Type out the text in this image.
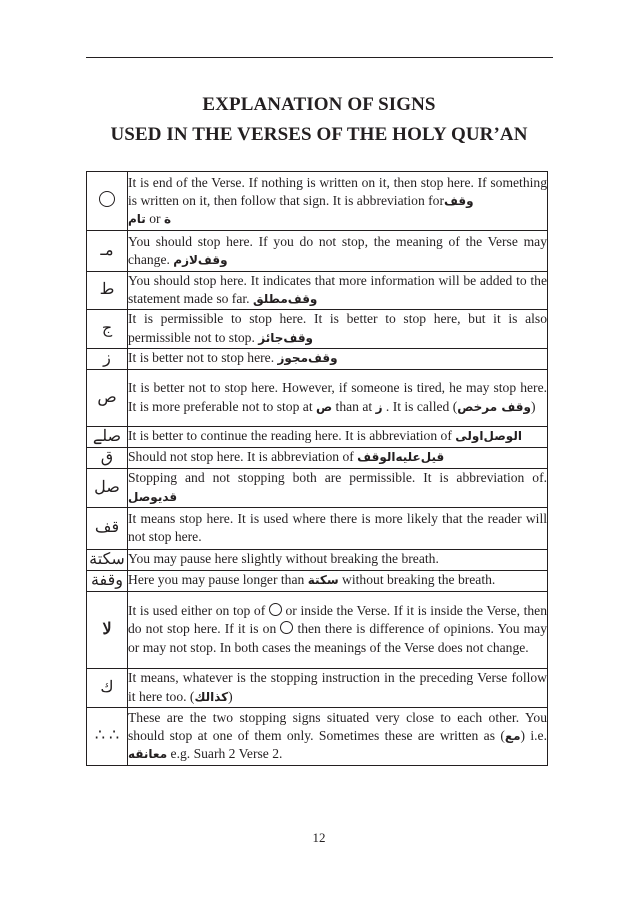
EXPLANATION OF SIGNS
USED IN THE VERSES OF THE HOLY QUR’AN
	It is end of the Verse. If nothing is written on it, then stop here. If something is written on it, then follow that sign. It is abbreviation forوقف
تام or ة
مـ	You should stop here. If you do not stop, the meaning of the Verse may change. وقف‌لازم
ط	You should stop here. It indicates that more information will be added to the statement made so far. وقف‌مطلق
ج	It is permissible to stop here. It is better to stop here, but it is also permissible not to stop. وقف‌جائز
ز	It is better not to stop here. وقف‌مجوز
ص	It is better not to stop here. However, if someone is tired, he may stop here. It is more preferable not to stop at ص than at ز . It is called (وقف مرخص)
صلے	It is better to continue the reading here. It is abbreviation of الوصل‌اولى
ق	Should not stop here. It is abbreviation of قيل‌عليه‌الوقف
صل	Stopping and not stopping both are permissible. It is abbreviation of. قديوصل
قف	It means stop here. It is used where there is more likely that the reader will not stop here.
سكتة	You may pause here slightly without breaking the breath.
وقفة	Here you may pause longer than سكتة without breaking the breath.
لا	It is used either on top of  or inside the Verse. If it is inside the Verse, then do not stop here. If it is on  then there is difference of opinions. You may or may not stop. In both cases the meanings of the Verse does not change.
ك	It means, whatever is the stopping instruction in the preceding Verse follow it here too. (كذالك)
∴ ∴	These are the two stopping signs situated very close to each other. You should stop at one of them only. Sometimes these are written as (مع) i.e. معانقه e.g. Suarh 2 Verse 2.
12
